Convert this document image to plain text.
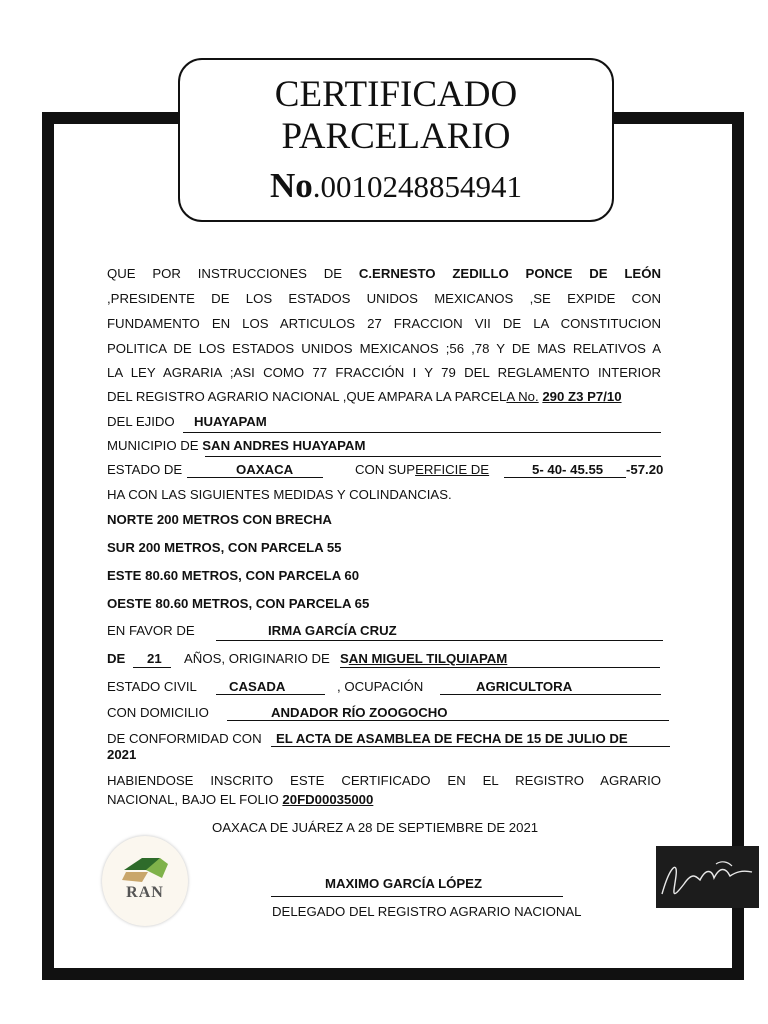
CERTIFICADO
PARCELARIO
No.0010248854941
QUE POR INSTRUCCIONES DE C.ERNESTO ZEDILLO PONCE DE LEÓN
,PRESIDENTE DE LOS ESTADOS UNIDOS MEXICANOS ,SE EXPIDE CON
FUNDAMENTO EN LOS ARTICULOS 27 FRACCION VII DE LA CONSTITUCION
POLITICA DE LOS ESTADOS UNIDOS MEXICANOS ;56 ,78 Y DE MAS RELATIVOS A
LA LEY AGRARIA ;ASI COMO 77 FRACCIÓN I Y 79 DEL REGLAMENTO INTERIOR
DEL REGISTRO AGRARIO NACIONAL ,QUE AMPARA LA PARCELA No. 290 Z3 P7/10
DEL EJIDO HUAYAPAM
MUNICIPIO DE SAN ANDRES HUAYAPAM
ESTADO DE	OAXACA	CON SUPERFICIE DE	5- 40- 45.55 -57.20
HA CON LAS SIGUIENTES MEDIDAS Y COLINDANCIAS.
NORTE 200 METROS CON BRECHA
SUR 200 METROS, CON PARCELA 55
ESTE 80.60 METROS, CON PARCELA 60
OESTE 80.60 METROS, CON PARCELA 65
EN FAVOR DE	IRMA GARCÍA CRUZ
DE 21 AÑOS, ORIGINARIO DE SAN MIGUEL TILQUIAPAM
ESTADO CIVIL CASADA	, OCUPACIÓN	AGRICULTORA
CON DOMICILIO	ANDADOR RÍO ZOOGOCHO
DE CONFORMIDAD CON EL ACTA DE ASAMBLEA DE FECHA DE 15 DE JULIO DE
2021
HABIENDOSE INSCRITO ESTE CERTIFICADO EN EL REGISTRO AGRARIO
NACIONAL, BAJO EL FOLIO 20FD00035000
OAXACA DE JUÁREZ A 28 DE SEPTIEMBRE DE 2021
RAN
MAXIMO GARCÍA LÓPEZ
DELEGADO DEL REGISTRO AGRARIO NACIONAL
